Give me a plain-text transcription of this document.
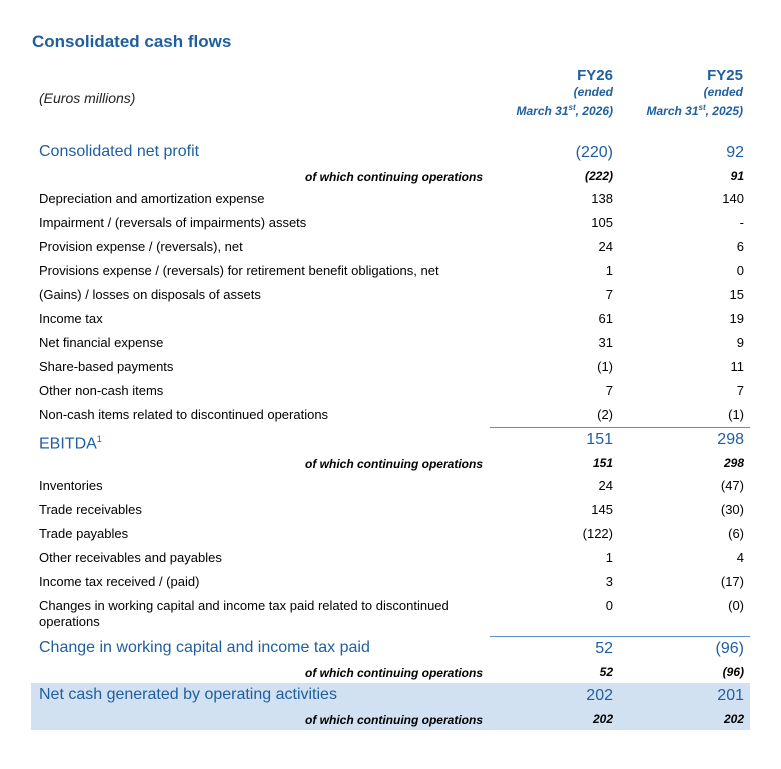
Consolidated cash flows
(Euros millions)
FY26
(ended
March 31st, 2026)
FY25
(ended
March 31st, 2025)
Consolidated net profit	(220)	92
of which continuing operations	(222)	91
Depreciation and amortization expense	138	140
Impairment / (reversals of impairments) assets	105	-
Provision expense / (reversals), net	24	6
Provisions expense / (reversals) for retirement benefit obligations, net	1	0
(Gains) / losses on disposals of assets	7	15
Income tax	61	19
Net financial expense	31	9
Share-based payments	(1)	11
Other non-cash items	7	7
Non-cash items related to discontinued operations	(2)	(1)
EBITDA$^1$	151	298
of which continuing operations	151	298
Inventories	24	(47)
Trade receivables	145	(30)
Trade payables	(122)	(6)
Other receivables and payables	1	4
Income tax received / (paid)	3	(17)
Changes in working capital and income tax paid related to discontinued operations
0	(0)
Change in working capital and income tax paid	52	(96)
of which continuing operations	52	(96)
Net cash generated by operating activities	202	201
of which continuing operations	202	202
